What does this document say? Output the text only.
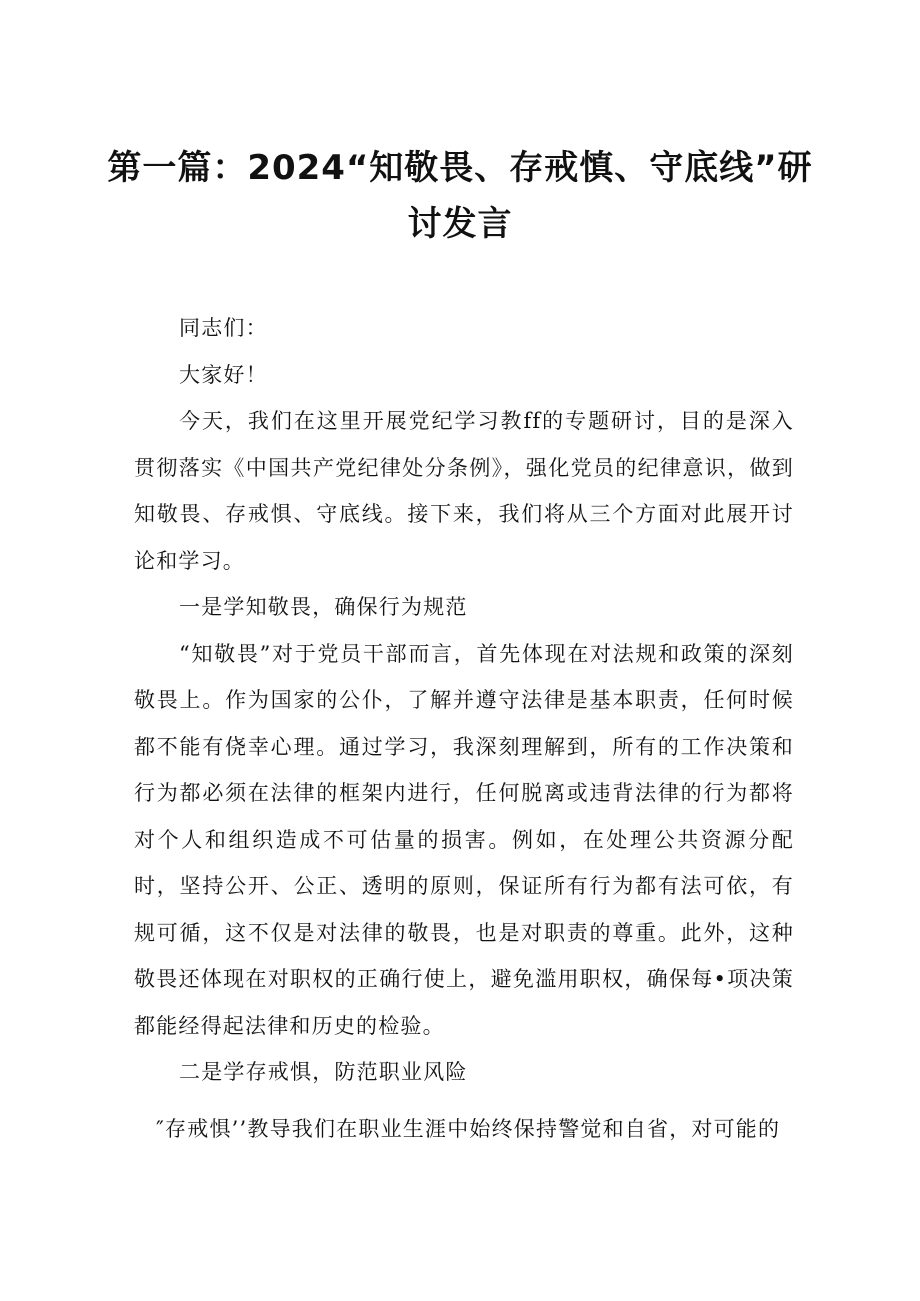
第一篇：2024“知敬畏、存戒慎、守底线”研
讨发言

同志们：

大家好！

今天，我们在这里开展党纪学习教ff的专题研讨，目的是深入贯彻落实《中国共产党纪律处分条例》，强化党员的纪律意识，做到知敬畏、存戒惧、守底线。接下来，我们将从三个方面对此展开讨论和学习。

一是学知敬畏，确保行为规范

“知敬畏”对于党员干部而言，首先体现在对法规和政策的深刻敬畏上。作为国家的公仆，了解并遵守法律是基本职责，任何时候都不能有侥幸心理。通过学习，我深刻理解到，所有的工作决策和行为都必须在法律的框架内进行，任何脱离或违背法律的行为都将对个人和组织造成不可估量的损害。例如，在处理公共资源分配时，坚持公开、公正、透明的原则，保证所有行为都有法可依，有规可循，这不仅是对法律的敬畏，也是对职责的尊重。此外，这种敬畏还体现在对职权的正确行使上，避免滥用职权，确保每•项决策都能经得起法律和历史的检验。

二是学存戒惧，防范职业风险

″存戒惧’’教导我们在职业生涯中始终保持警觉和自省，对可能的
